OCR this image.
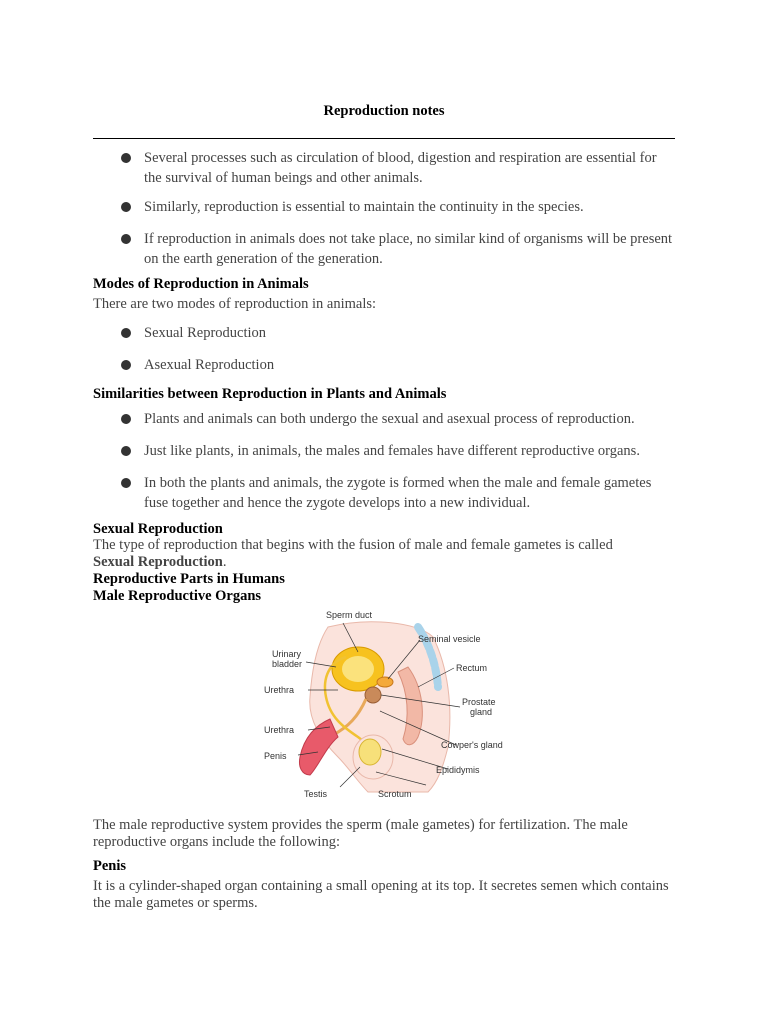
Reproduction notes
Several processes such as circulation of blood, digestion and respiration are essential for the survival of human beings and other animals.
Similarly, reproduction is essential to maintain the continuity in the species.
If reproduction in animals does not take place, no similar kind of organisms will be present on the earth generation of the generation.
Modes of Reproduction in Animals
There are two modes of reproduction in animals:
Sexual Reproduction
Asexual Reproduction
Similarities between Reproduction in Plants and Animals
Plants and animals can both undergo the sexual and asexual process of reproduction.
Just like plants, in animals, the males and females have different reproductive organs.
In both the plants and animals, the zygote is formed when the male and female gametes fuse together and hence the zygote develops into a new individual.
Sexual Reproduction
The type of reproduction that begins with the fusion of male and female gametes is called Sexual Reproduction.
Reproductive Parts in Humans
Male Reproductive Organs
Sperm duct
Urinary
bladder
Urethra
Urethra
Penis
Testis	Scrotum
Seminal vesicle
Rectum
Prostate
gland
Cowper's gland
Epididymis
The male reproductive system provides the sperm (male gametes) for fertilization. The male reproductive organs include the following:
Penis
It is a cylinder-shaped organ containing a small opening at its top. It secretes semen which contains the male gametes or sperms.
